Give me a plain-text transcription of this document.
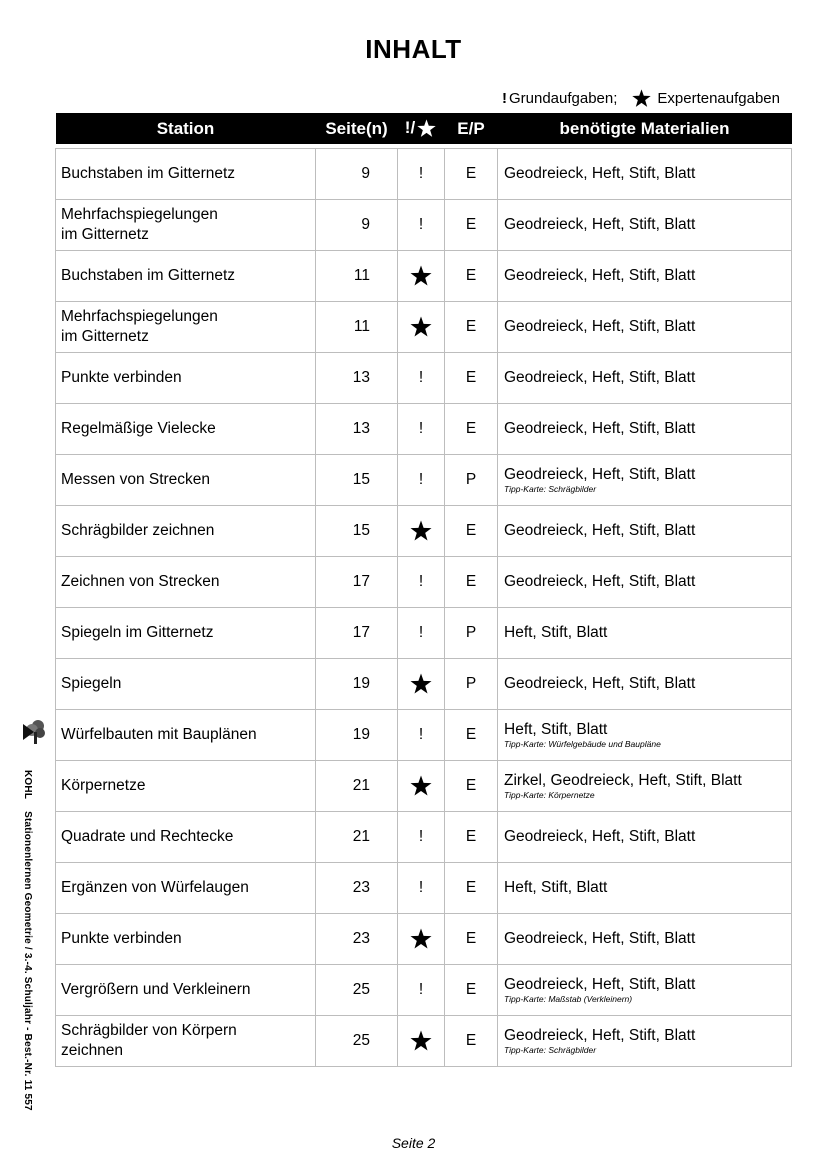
INHALT
! Grundaufgaben;	Expertenaufgaben
Station	Seite(n)	!/	E/P	benötigte Materialien

Buchstaben im Gitternetz	9	!	E	Geodreieck, Heft, Stift, Blatt

Mehrfachspiegelungen
im Gitternetz	9	!	E	Geodreieck, Heft, Stift, Blatt

Buchstaben im Gitternetz	11		E	Geodreieck, Heft, Stift, Blatt

Mehrfachspiegelungen
im Gitternetz	11		E	Geodreieck, Heft, Stift, Blatt

Punkte verbinden	13	!	E	Geodreieck, Heft, Stift, Blatt

Regelmäßige Vielecke	13	!	E	Geodreieck, Heft, Stift, Blatt

Messen von Strecken	15	!	P	Geodreieck, Heft, Stift, Blatt
Tipp-Karte: Schrägbilder

Schrägbilder zeichnen	15		E	Geodreieck, Heft, Stift, Blatt

Zeichnen von Strecken	17	!	E	Geodreieck, Heft, Stift, Blatt

Spiegeln im Gitternetz	17	!	P	Heft, Stift, Blatt

Spiegeln	19		P	Geodreieck, Heft, Stift, Blatt

Würfelbauten mit Bauplänen	19	!	E	Heft, Stift, Blatt
Tipp-Karte: Würfelgebäude und Baupläne

Körpernetze	21		E	Zirkel, Geodreieck, Heft, Stift, Blatt
Tipp-Karte: Körpernetze

Quadrate und Rechtecke	21	!	E	Geodreieck, Heft, Stift, Blatt

Ergänzen von Würfelaugen	23	!	E	Heft, Stift, Blatt

Punkte verbinden	23		E	Geodreieck, Heft, Stift, Blatt

Vergrößern und Verkleinern	25	!	E	Geodreieck, Heft, Stift, Blatt
Tipp-Karte: Maßstab (Verkleinern)

Schrägbilder von Körpern
zeichnen	25		E	Geodreieck, Heft, Stift, Blatt
Tipp-Karte: Schrägbilder
KOHL    Stationenlernen Geometrie / 3.-4. Schuljahr - Best.-Nr. 11 557
Seite 2
